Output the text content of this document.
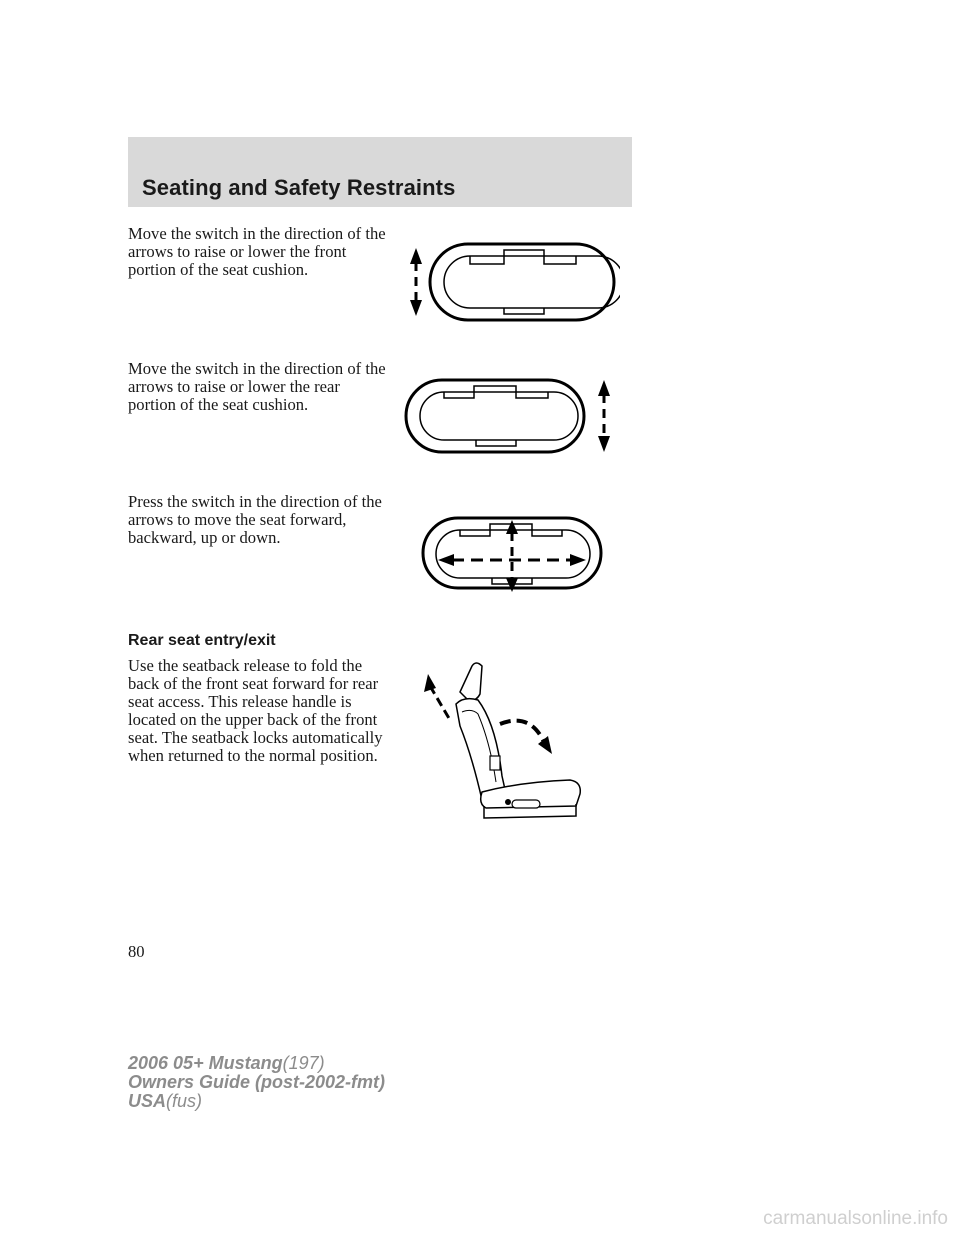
Seating and Safety Restraints

Move the switch in the direction of the arrows to raise or lower the front portion of the seat cushion.

Move the switch in the direction of the arrows to raise or lower the rear portion of the seat cushion.

Press the switch in the direction of the arrows to move the seat forward, backward, up or down.

Rear seat entry/exit

Use the seatback release to fold the back of the front seat forward for rear seat access. This release handle is located on the upper back of the front seat. The seatback locks automatically when returned to the normal position.

80
2006 05+ Mustang(197)
Owners Guide (post-2002-fmt)
USA(fus)
carmanualsonline.info
